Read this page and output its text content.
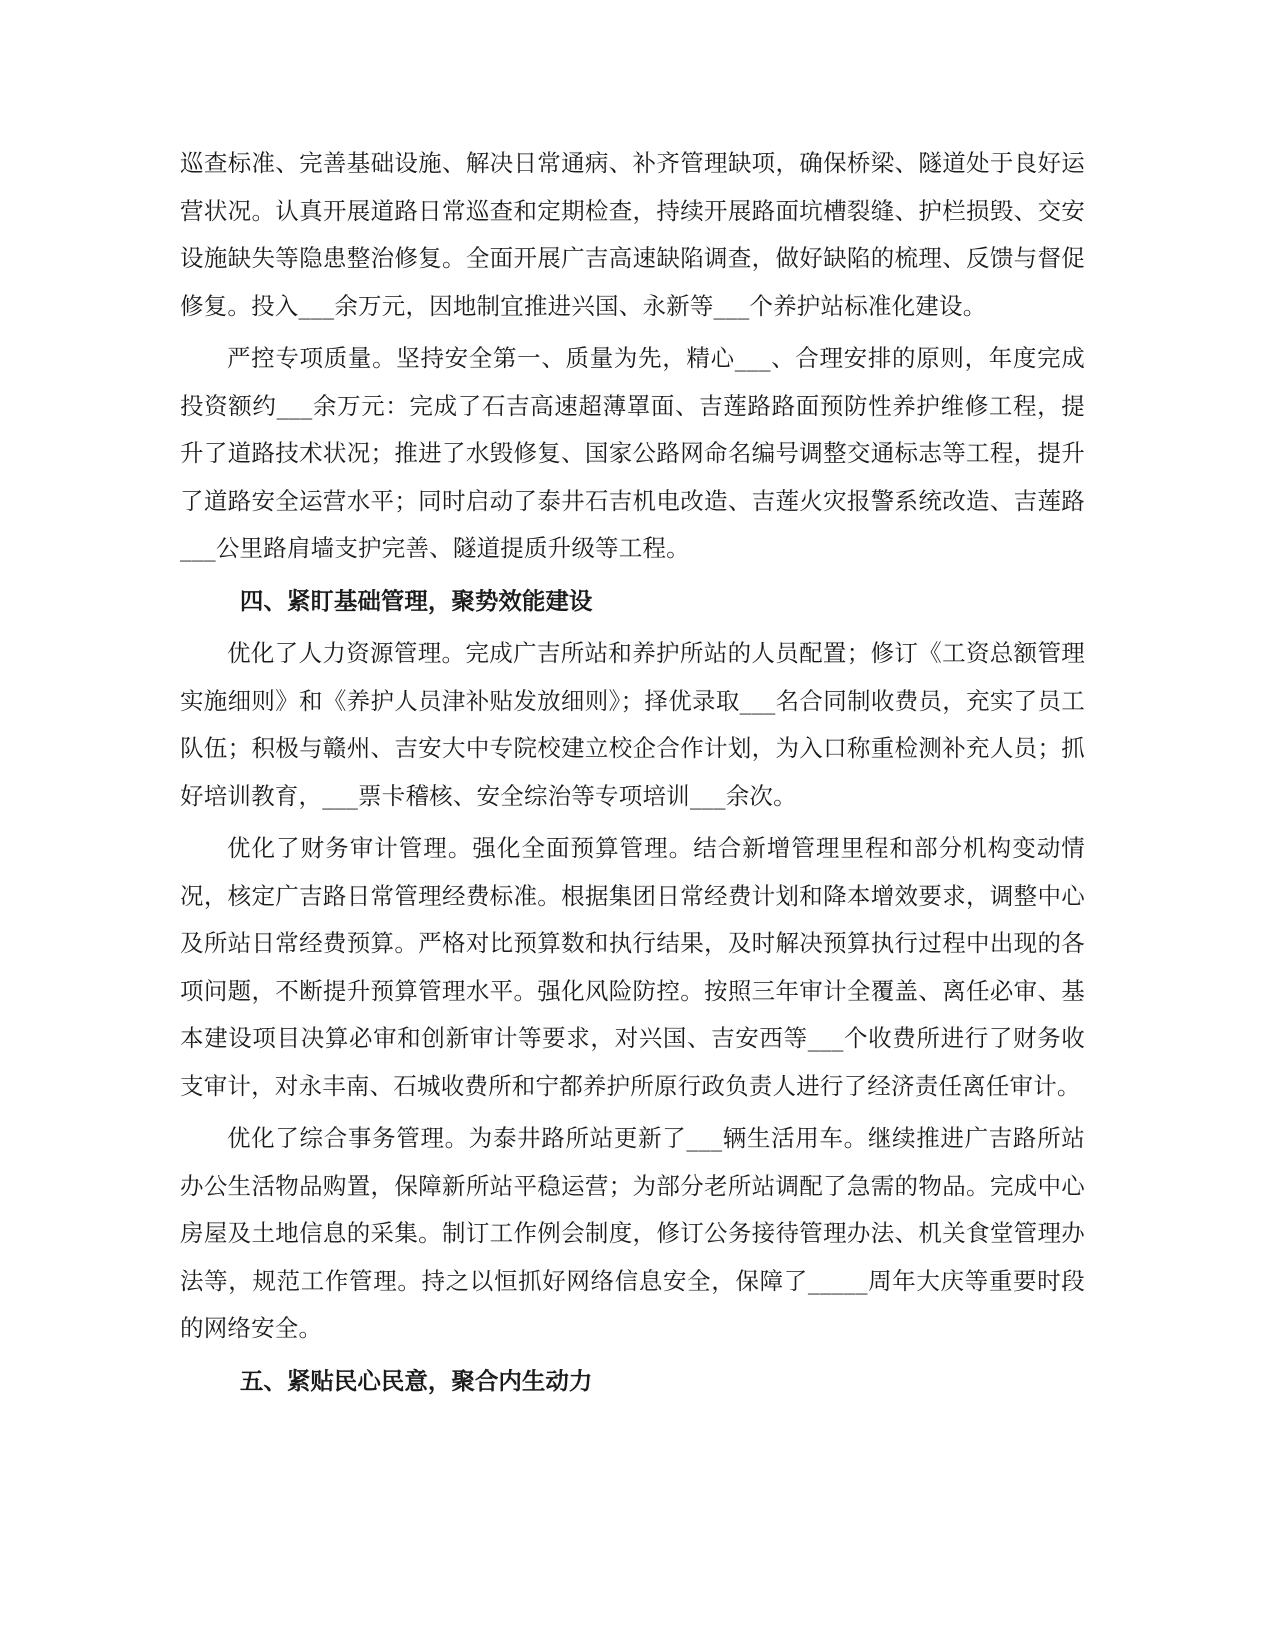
巡查标准、完善基础设施、解决日常通病、补齐管理缺项，确保桥梁、隧道处于良好运营状况。认真开展道路日常巡查和定期检查，持续开展路面坑槽裂缝、护栏损毁、交安设施缺失等隐患整治修复。全面开展广吉高速缺陷调查，做好缺陷的梳理、反馈与督促修复。投入___余万元，因地制宜推进兴国、永新等___个养护站标准化建设。

严控专项质量。坚持安全第一、质量为先，精心___、合理安排的原则，年度完成投资额约___余万元：完成了石吉高速超薄罩面、吉莲路路面预防性养护维修工程，提升了道路技术状况；推进了水毁修复、国家公路网命名编号调整交通标志等工程，提升了道路安全运营水平；同时启动了泰井石吉机电改造、吉莲火灾报警系统改造、吉莲路___公里路肩墙支护完善、隧道提质升级等工程。

四、紧盯基础管理，聚势效能建设

优化了人力资源管理。完成广吉所站和养护所站的人员配置；修订《工资总额管理实施细则》和《养护人员津补贴发放细则》；择优录取___名合同制收费员，充实了员工队伍；积极与赣州、吉安大中专院校建立校企合作计划，为入口称重检测补充人员；抓好培训教育，___票卡稽核、安全综治等专项培训___余次。

优化了财务审计管理。强化全面预算管理。结合新增管理里程和部分机构变动情况，核定广吉路日常管理经费标准。根据集团日常经费计划和降本增效要求，调整中心及所站日常经费预算。严格对比预算数和执行结果，及时解决预算执行过程中出现的各项问题，不断提升预算管理水平。强化风险防控。按照三年审计全覆盖、离任必审、基本建设项目决算必审和创新审计等要求，对兴国、吉安西等___个收费所进行了财务收支审计，对永丰南、石城收费所和宁都养护所原行政负责人进行了经济责任离任审计。

优化了综合事务管理。为泰井路所站更新了___辆生活用车。继续推进广吉路所站办公生活物品购置，保障新所站平稳运营；为部分老所站调配了急需的物品。完成中心房屋及土地信息的采集。制订工作例会制度，修订公务接待管理办法、机关食堂管理办法等，规范工作管理。持之以恒抓好网络信息安全，保障了_____周年大庆等重要时段的网络安全。

五、紧贴民心民意，聚合内生动力
